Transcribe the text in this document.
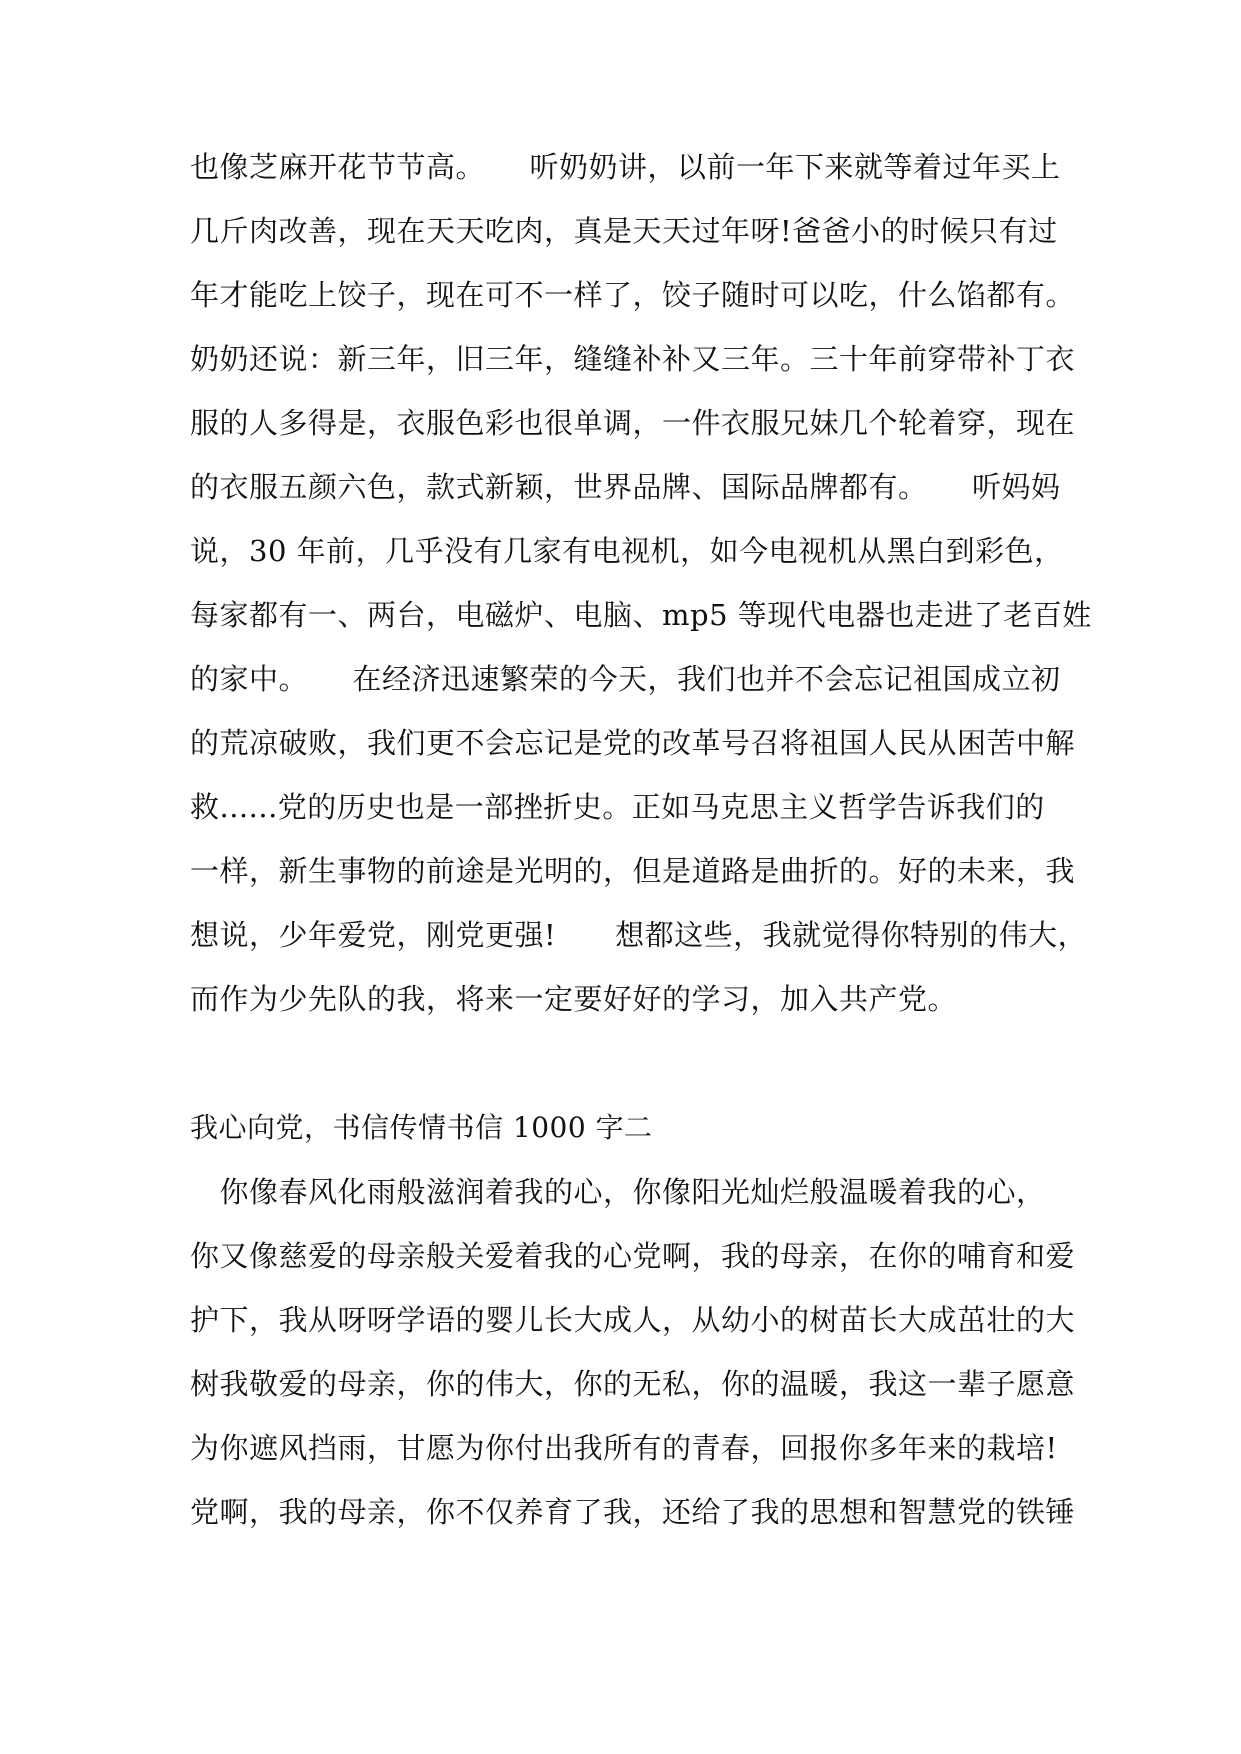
也像芝麻开花节节高。　　听奶奶讲，以前一年下来就等着过年买上
几斤肉改善，现在天天吃肉，真是天天过年呀!爸爸小的时候只有过
年才能吃上饺子，现在可不一样了，饺子随时可以吃，什么馅都有。
奶奶还说：新三年，旧三年，缝缝补补又三年。三十年前穿带补丁衣
服的人多得是，衣服色彩也很单调，一件衣服兄妹几个轮着穿，现在
的衣服五颜六色，款式新颖，世界品牌、国际品牌都有。　　听妈妈
说，30 年前，几乎没有几家有电视机，如今电视机从黑白到彩色，
每家都有一、两台，电磁炉、电脑、mp5 等现代电器也走进了老百姓
的家中。　　在经济迅速繁荣的今天，我们也并不会忘记祖国成立初
的荒凉破败，我们更不会忘记是党的改革号召将祖国人民从困苦中解
救......党的历史也是一部挫折史。正如马克思主义哲学告诉我们的
一样，新生事物的前途是光明的，但是道路是曲折的。好的未来，我
想说，少年爱党，刚党更强!　　想都这些，我就觉得你特别的伟大，
而作为少先队的我，将来一定要好好的学习，加入共产党。
我心向党，书信传情书信 1000 字二
　你像春风化雨般滋润着我的心，你像阳光灿烂般温暖着我的心，
你又像慈爱的母亲般关爱着我的心党啊，我的母亲，在你的哺育和爱
护下，我从呀呀学语的婴儿长大成人，从幼小的树苗长大成茁壮的大
树我敬爱的母亲，你的伟大，你的无私，你的温暖，我这一辈子愿意
为你遮风挡雨，甘愿为你付出我所有的青春，回报你多年来的栽培!
党啊，我的母亲，你不仅养育了我，还给了我的思想和智慧党的铁锤
